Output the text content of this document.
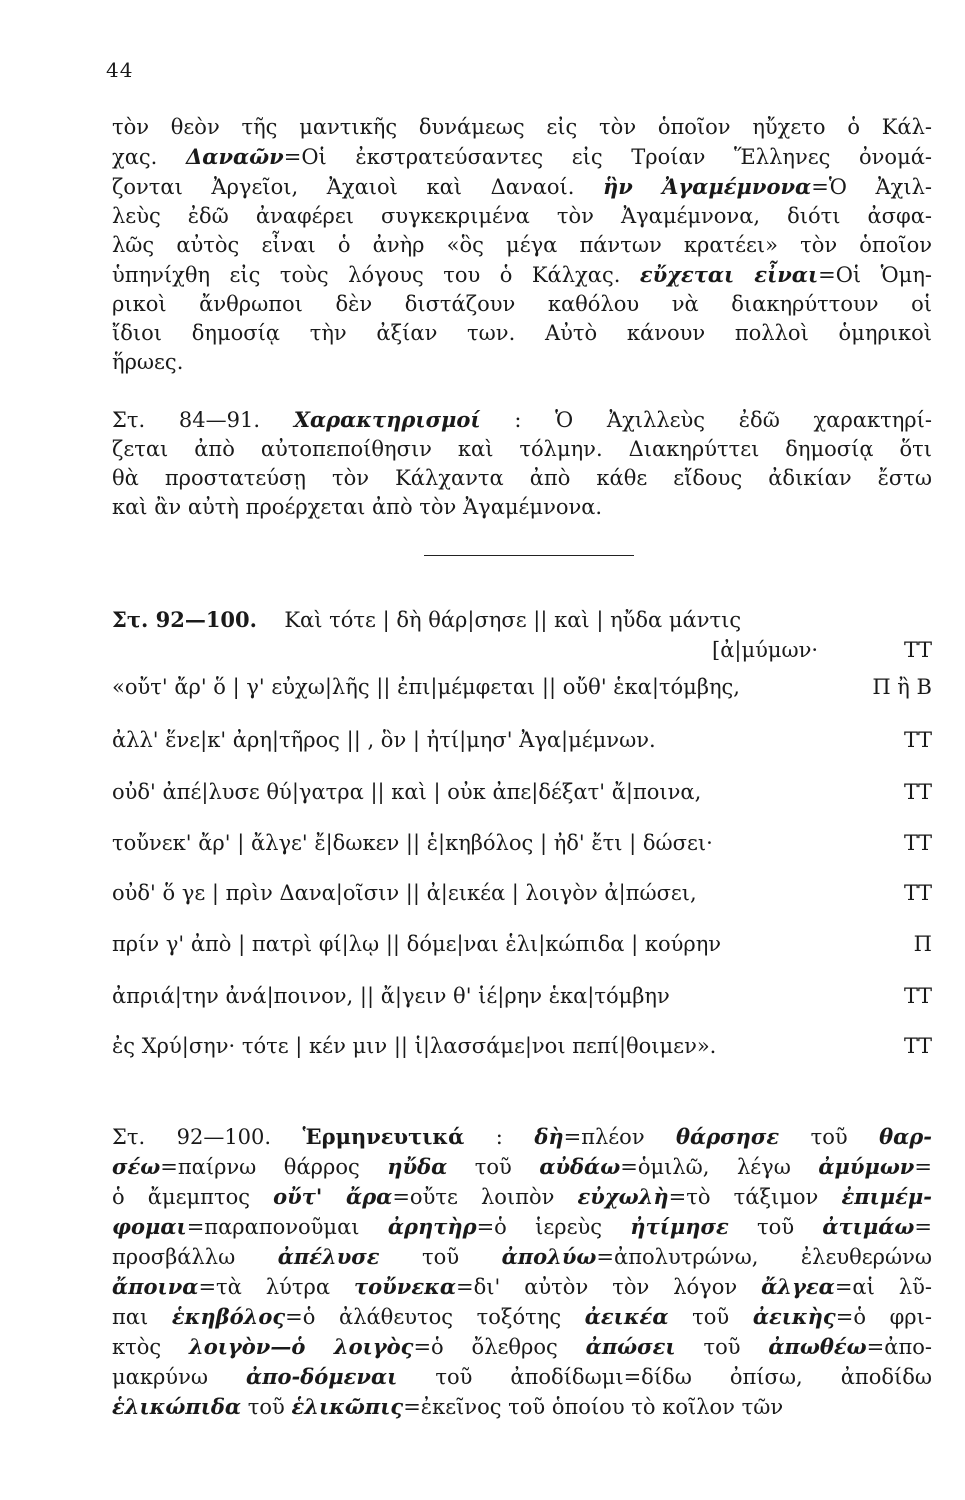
44
τὸν θεὸν τῆς μαντικῆς δυνάμεως εἰς τὸν ὁποῖον ηὔχετο ὁ Κάλ-
χας. Δαναῶν=Οἱ ἐκστρατεύσαντες εἰς Τροίαν Ἕλληνες ὀνομά-
ζονται Ἀργεῖοι, Ἀχαιοὶ καὶ Δαναοί. ἣν Ἀγαμέμνονα=Ὁ Ἀχιλ-
λεὺς ἐδῶ ἀναφέρει συγκεκριμένα τὸν Ἀγαμέμνονα, διότι ἀσφα-
λῶς αὐτὸς εἶναι ὁ ἀνὴρ «ὃς μέγα πάντων κρατέει» τὸν ὁποῖον
ὑπηνίχθη εἰς τοὺς λόγους του ὁ Κάλχας. εὔχεται εἶναι=Οἱ Ὁμη-
ρικοὶ ἄνθρωποι δὲν διστάζουν καθόλου νὰ διακηρύττουν οἱ
ἴδιοι δημοσίᾳ τὴν ἀξίαν των. Αὐτὸ κάνουν πολλοὶ ὁμηρικοὶ
ἥρωες.
Στ. 84—91. Χαρακτηρισμοί : Ὁ Ἀχιλλεὺς ἐδῶ χαρακτηρί-
ζεται ἀπὸ αὐτοπεποίθησιν καὶ τόλμην. Διακηρύττει δημοσίᾳ ὅτι
θὰ προστατεύσῃ τὸν Κάλχαντα ἀπὸ κάθε εἴδους ἀδικίαν ἔστω
καὶ ἂν αὐτὴ προέρχεται ἀπὸ τὸν Ἀγαμέμνονα.
Στ. 92—100. Καὶ τότε | δὴ θάρ|σησε || καὶ | ηὔδα μάντις
[ἀ|μύμων·	ΤΤ
«οὔτ' ἄρ' ὅ | γ' εὐχω|λῆς || ἐπι|μέμφεται || οὔθ' ἑκα|τόμβης,	Π ἢ Β
ἀλλ' ἕνε|κ' ἀρη|τῆρος || , ὃν | ἠτί|μησ' Ἀγα|μέμνων.	ΤΤ
οὐδ' ἀπέ|λυσε θύ|γατρα || καὶ | οὐκ ἀπε|δέξατ' ἄ|ποινα,	ΤΤ
τοὔνεκ' ἄρ' | ἄλγε' ἔ|δωκεν || ἑ|κηβόλος | ἠδ' ἔτι | δώσει·	ΤΤ
οὐδ' ὅ γε | πρὶν Δανα|οῖσιν || ἀ|εικέα | λοιγὸν ἀ|πώσει,	ΤΤ
πρίν γ' ἀπὸ | πατρὶ φί|λῳ || δόμε|ναι ἑλι|κώπιδα | κούρην	Π
ἀπριά|την ἀνά|ποινον, || ἄ|γειν θ' ἱέ|ρην ἑκα|τόμβην	ΤΤ
ἐς Χρύ|σην· τότε | κέν μιν || ἱ|λασσάμε|νοι πεπί|θοιμεν».	ΤΤ
Στ. 92—100. Ἑρμηνευτικά : δὴ=πλέον θάρσησε τοῦ θαρ-
σέω=παίρνω θάρρος ηὔδα τοῦ αὐδάω=ὁμιλῶ, λέγω ἀμύμων=
ὁ ἄμεμπτος οὔτ' ἄρα=οὔτε λοιπὸν εὐχωλὴ=τὸ τάξιμον ἐπιμέμ-
φομαι=παραπονοῦμαι ἀρητὴρ=ὁ ἱερεὺς ἠτίμησε τοῦ ἀτιμάω=
προσβάλλω ἀπέλυσε τοῦ ἀπολύω=ἀπολυτρώνω, ἐλευθερώνω
ἄποινα=τὰ λύτρα τοὔνεκα=δι' αὐτὸν τὸν λόγον ἄλγεα=αἱ λῦ-
παι ἑκηβόλος=ὁ ἀλάθευτος τοξότης ἀεικέα τοῦ ἀεικὴς=ὁ φρι-
κτὸς λοιγὸν—ὁ λοιγὸς=ὁ ὄλεθρος ἀπώσει τοῦ ἀπωθέω=ἀπο-
μακρύνω ἀπο-δόμεναι τοῦ ἀποδίδωμι=δίδω ὀπίσω, ἀποδίδω
ἑλικώπιδα τοῦ ἑλικῶπις=ἐκεῖνος τοῦ ὁποίου τὸ κοῖλον τῶν
